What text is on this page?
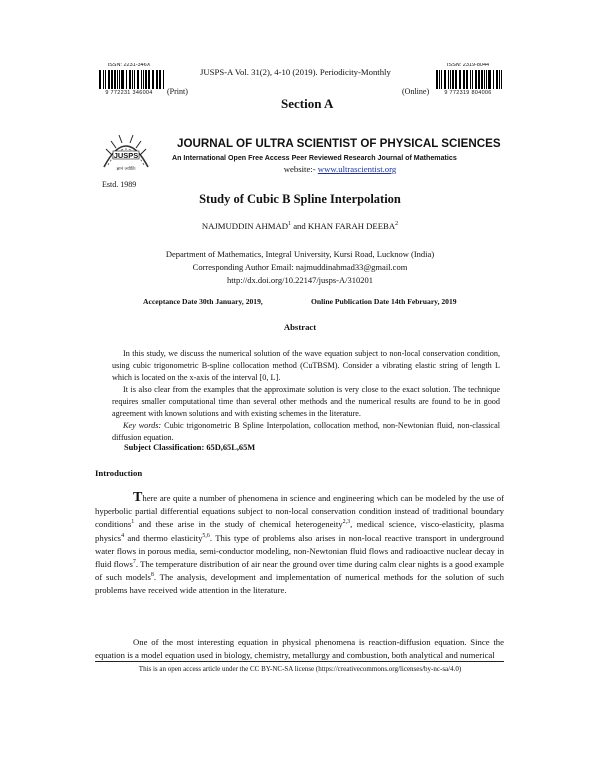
ISSN: 2231-346X
9 772231 346004
ISSN: 2319-8044
9 772319 804006
JUSPS-A Vol. 31(2), 4-10 (2019). Periodicity-Monthly
(Print)	(Online)
Section A
JUSPS
ज्ञानं ज्योतिः
Estd. 1989
JOURNAL OF ULTRA SCIENTIST OF PHYSICAL SCIENCES
An International Open Free Access Peer Reviewed Research Journal of Mathematics
website:- www.ultrascientist.org
Study of Cubic B Spline Interpolation
NAJMUDDIN AHMAD$^1$ and KHAN FARAH DEEBA$^2$
Department of Mathematics, Integral University, Kursi Road, Lucknow (India)
Corresponding Author Email: najmuddinahmad33@gmail.com
http://dx.doi.org/10.22147/jusps-A/310201
Acceptance Date 30th January, 2019,	Online Publication Date 14th February, 2019
Abstract
In this study, we discuss the numerical solution of the wave equation subject to non-local conservation condition, using cubic trigonometric B-spline collocation method (CuTBSM). Consider a vibrating elastic string of length L which is located on the x-axis of the interval [0, L].
It is also clear from the examples that the approximate solution is very close to the exact solution. The technique requires smaller computational time than several other methods and the numerical results are found to be in good agreement with known solutions and with existing schemes in the literature.
Key words: Cubic trigonometric B Spline Interpolation, collocation method, non-Newtonian fluid, non-classical diffusion equation.
Subject Classification: 65D,65L,65M
Introduction
There are quite a number of phenomena in science and engineering which can be modeled by the use of hyperbolic partial differential equations subject to non-local conservation condition instead of traditional boundary conditions$^1$ and these arise in the study of chemical heterogeneity$^{2,3}$, medical science, visco-elasticity, plasma physics$^4$ and thermo elasticity$^{5,6}$. This type of problems also arises in non-local reactive transport in underground water flows in porous media, semi-conductor modeling, non-Newtonian fluid flows and radioactive nuclear decay in fluid flows$^7$. The temperature distribution of air near the ground over time during calm clear nights is a good example of such models$^8$. The analysis, development and implementation of numerical methods for the solution of such problems have received wide attention in the literature.
One of the most interesting equation in physical phenomena is reaction-diffusion equation. Since the equation is a model equation used in biology, chemistry, metallurgy and combustion, both analytical and numerical
This is an open access article under the CC BY-NC-SA license (https://creativecommons.org/licenses/by-nc-sa/4.0)
